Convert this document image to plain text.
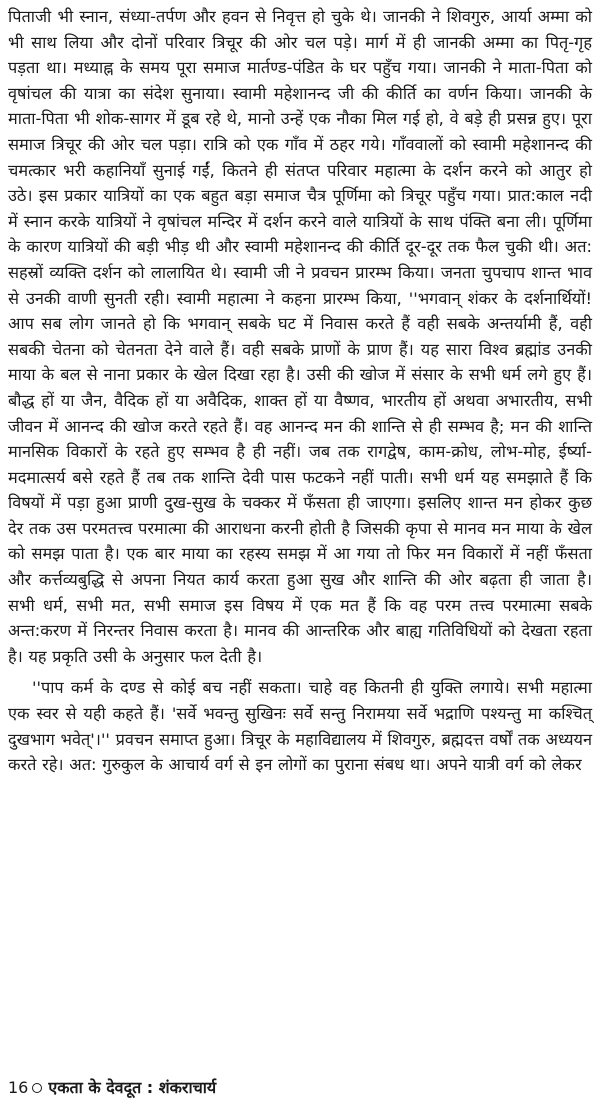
पिताजी भी स्नान, संध्या-तर्पण और हवन से निवृत्त हो चुके थे। जानकी ने शिवगुरु, आर्या अम्मा को भी साथ लिया और दोनों परिवार त्रिचूर की ओर चल पड़े। मार्ग में ही जानकी अम्मा का पितृ-गृह पड़ता था। मध्याह्न के समय पूरा समाज मार्तण्ड-पंडित के घर पहुँच गया। जानकी ने माता-पिता को वृषांचल की यात्रा का संदेश सुनाया। स्वामी महेशानन्द जी की कीर्ति का वर्णन किया। जानकी के माता-पिता भी शोक-सागर में डूब रहे थे, मानो उन्हें एक नौका मिल गई हो, वे बड़े ही प्रसन्न हुए। पूरा समाज त्रिचूर की ओर चल पड़ा। रात्रि को एक गाँव में ठहर गये। गाँववालों को स्वामी महेशानन्द की चमत्कार भरी कहानियाँ सुनाई गईं, कितने ही संतप्त परिवार महात्मा के दर्शन करने को आतुर हो उठे। इस प्रकार यात्रियों का एक बहुत बड़ा समाज चैत्र पूर्णिमा को त्रिचूर पहुँच गया। प्रात:काल नदी में स्नान करके यात्रियों ने वृषांचल मन्दिर में दर्शन करने वाले यात्रियों के साथ पंक्ति बना ली। पूर्णिमा के कारण यात्रियों की बड़ी भीड़ थी और स्वामी महेशानन्द की कीर्ति दूर-दूर तक फैल चुकी थी। अत: सहस्रों व्यक्ति दर्शन को लालायित थे। स्वामी जी ने प्रवचन प्रारम्भ किया। जनता चुपचाप शान्त भाव से उनकी वाणी सुनती रही। स्वामी महात्मा ने कहना प्रारम्भ किया, ''भगवान् शंकर के दर्शनार्थियों! आप सब लोग जानते हो कि भगवान् सबके घट में निवास करते हैं वही सबके अन्तर्यामी हैं, वही सबकी चेतना को चेतनता देने वाले हैं। वही सबके प्राणों के प्राण हैं। यह सारा विश्व ब्रह्मांड उनकी माया के बल से नाना प्रकार के खेल दिखा रहा है। उसी की खोज में संसार के सभी धर्म लगे हुए हैं। बौद्ध हों या जैन, वैदिक हों या अवैदिक, शाक्त हों या वैष्णव, भारतीय हों अथवा अभारतीय, सभी जीवन में आनन्द की खोज करते रहते हैं। वह आनन्द मन की शान्ति से ही सम्भव है; मन की शान्ति मानसिक विकारों के रहते हुए सम्भव है ही नहीं। जब तक रागद्वेष, काम-क्रोध, लोभ-मोह, ईर्ष्या-मदमात्सर्य बसे रहते हैं तब तक शान्ति देवी पास फटकने नहीं पाती। सभी धर्म यह समझाते हैं कि विषयों में पड़ा हुआ प्राणी दुख-सुख के चक्कर में फँसता ही जाएगा। इसलिए शान्त मन होकर कुछ देर तक उस परमतत्त्व परमात्मा की आराधना करनी होती है जिसकी कृपा से मानव मन माया के खेल को समझ पाता है। एक बार माया का रहस्य समझ में आ गया तो फिर मन विकारों में नहीं फँसता और कर्त्तव्यबुद्धि से अपना नियत कार्य करता हुआ सुख और शान्ति की ओर बढ़ता ही जाता है। सभी धर्म, सभी मत, सभी समाज इस विषय में एक मत हैं कि वह परम तत्त्व परमात्मा सबके अन्त:करण में निरन्तर निवास करता है। मानव की आन्तरिक और बाह्य गतिविधियों को देखता रहता है। यह प्रकृति उसी के अनुसार फल देती है।

''पाप कर्म के दण्ड से कोई बच नहीं सकता। चाहे वह कितनी ही युक्ति लगाये। सभी महात्मा एक स्वर से यही कहते हैं। 'सर्वे भवन्तु सुखिनः सर्वे सन्तु निरामया सर्वे भद्राणि पश्यन्तु मा कश्चित् दुखभाग भवेत्'।'' प्रवचन समाप्त हुआ। त्रिचूर के महाविद्यालय में शिवगुरु, ब्रह्मदत्त वर्षों तक अध्ययन करते रहे। अत: गुरुकुल के आचार्य वर्ग से इन लोगों का पुराना संबध था। अपने यात्री वर्ग को लेकर

16 एकता के देवदूत : शंकराचार्य
